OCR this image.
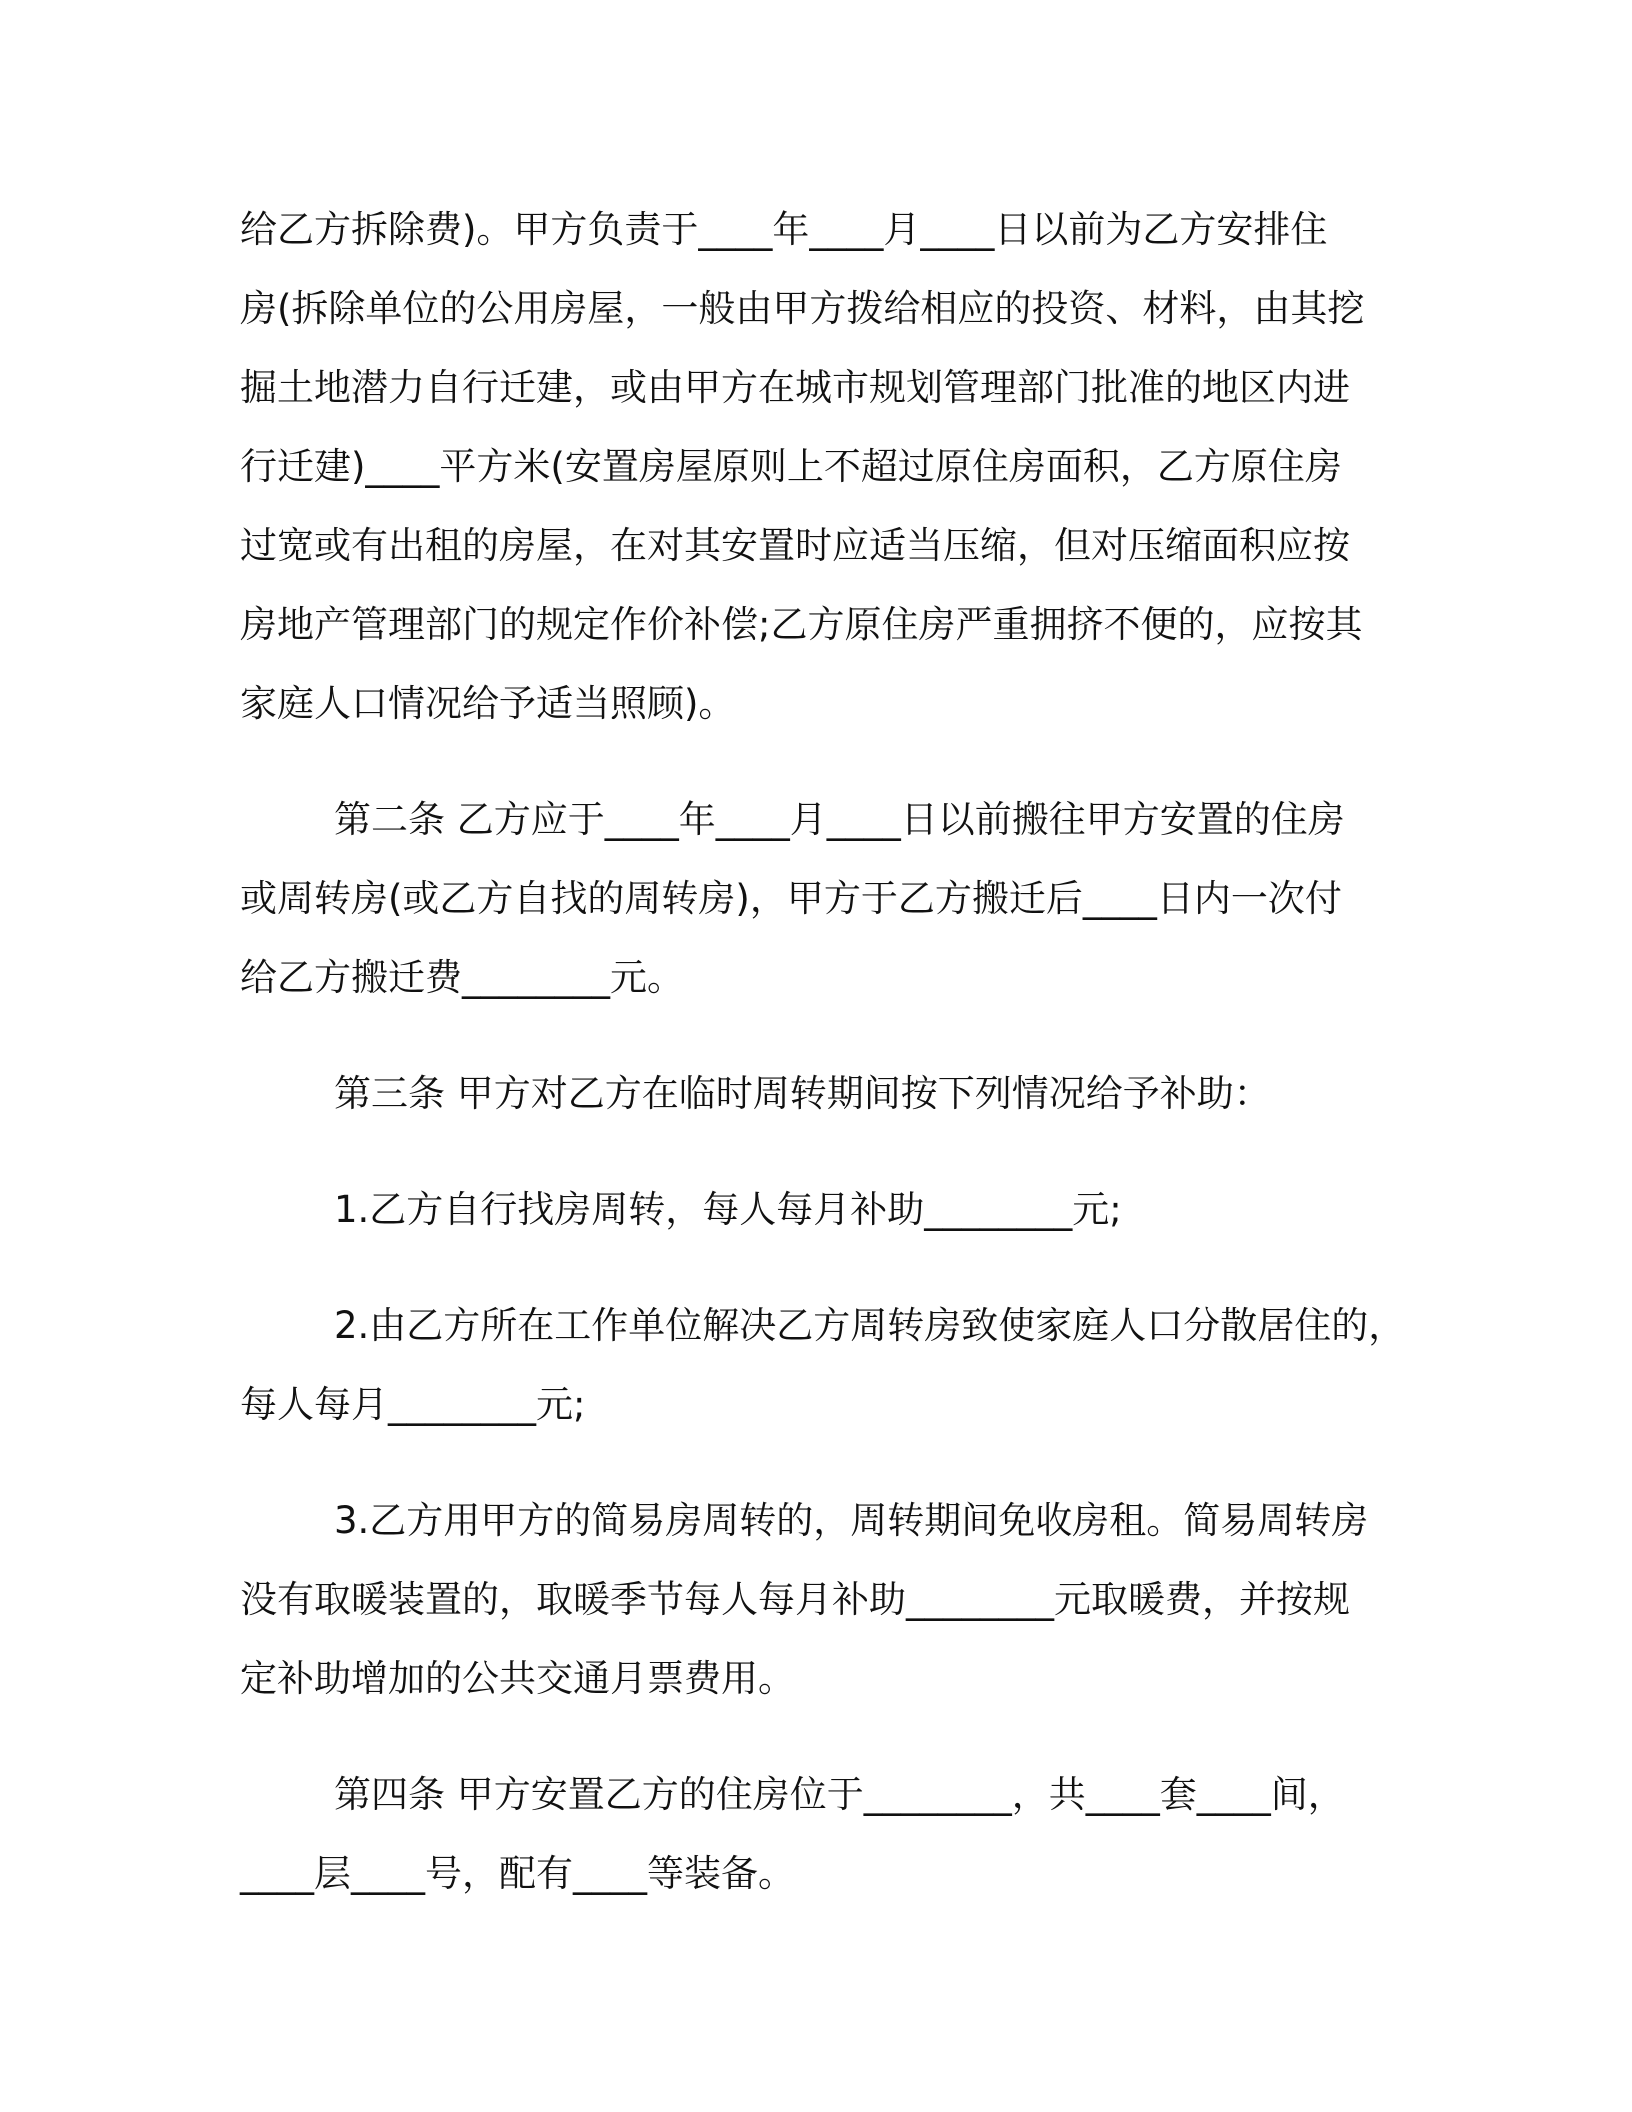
给乙方拆除费)。甲方负责于____年____月____日以前为乙方安排住
房(拆除单位的公用房屋，一般由甲方拨给相应的投资、材料，由其挖
掘土地潜力自行迁建，或由甲方在城市规划管理部门批准的地区内进
行迁建)____平方米(安置房屋原则上不超过原住房面积，乙方原住房
过宽或有出租的房屋，在对其安置时应适当压缩，但对压缩面积应按
房地产管理部门的规定作价补偿;乙方原住房严重拥挤不便的，应按其
家庭人口情况给予适当照顾)。
第二条 乙方应于____年____月____日以前搬往甲方安置的住房
或周转房(或乙方自找的周转房)，甲方于乙方搬迁后____日内一次付
给乙方搬迁费________元。
第三条 甲方对乙方在临时周转期间按下列情况给予补助：
1.乙方自行找房周转，每人每月补助________元;
2.由乙方所在工作单位解决乙方周转房致使家庭人口分散居住的，
每人每月________元;
3.乙方用甲方的简易房周转的，周转期间免收房租。简易周转房
没有取暖装置的，取暖季节每人每月补助________元取暖费，并按规
定补助增加的公共交通月票费用。
第四条 甲方安置乙方的住房位于________，共____套____间，
____层____号，配有____等装备。
